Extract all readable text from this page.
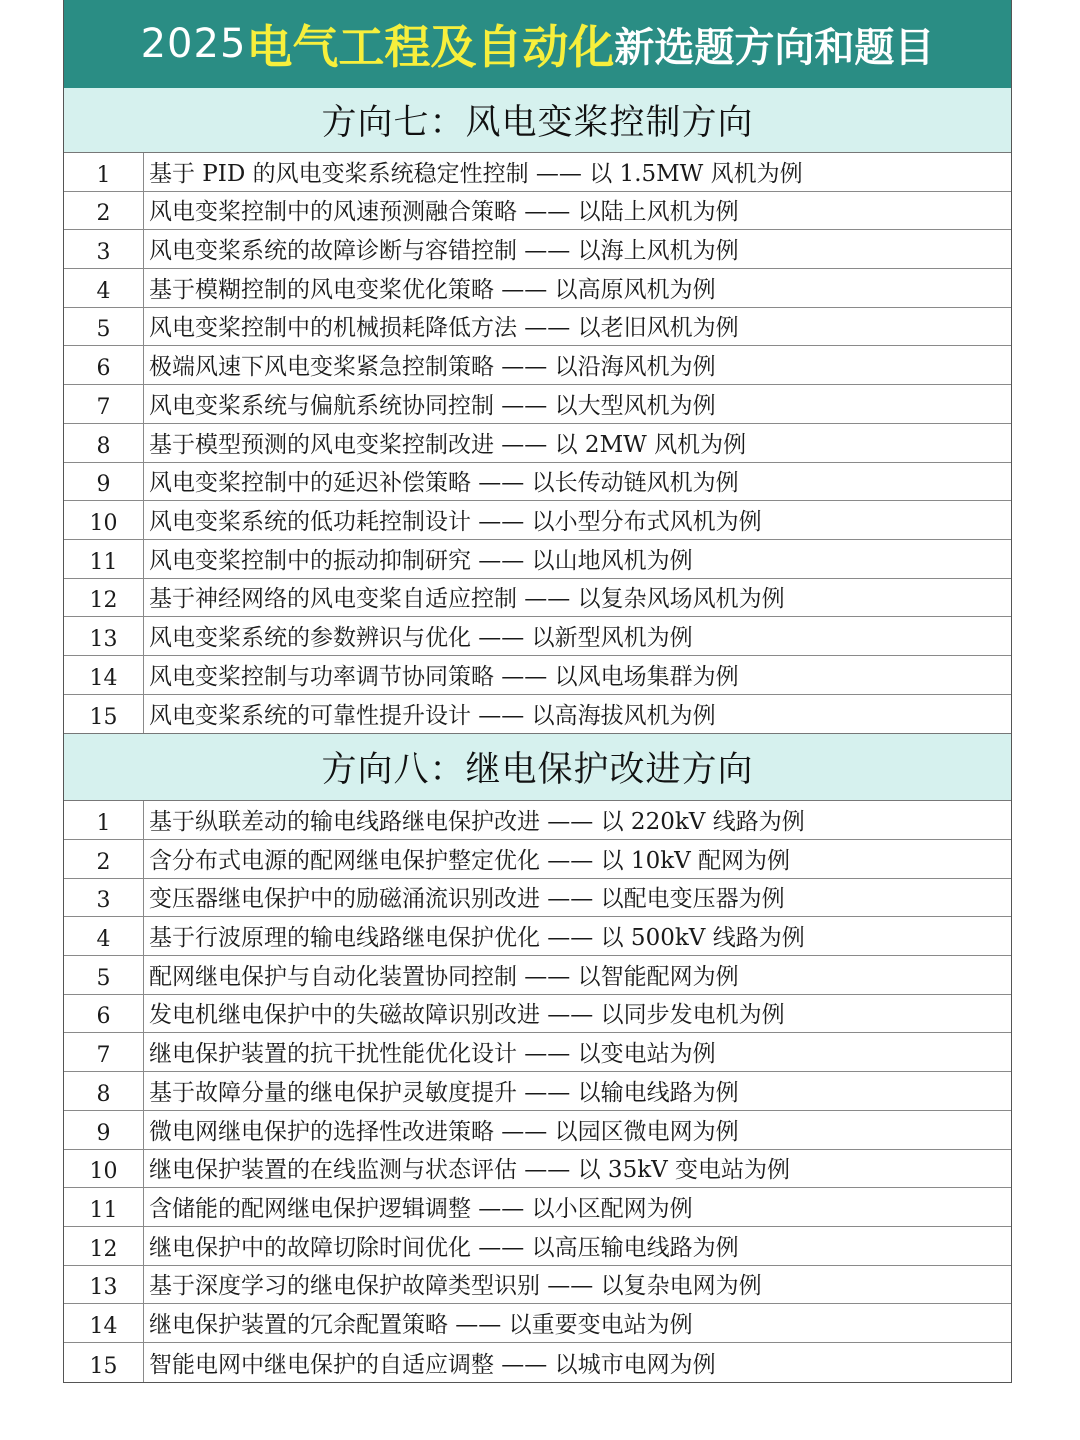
2025 电气工程及自动化 新选题方向和题目
方向七：风电变桨控制方向
1	基于 PID 的风电变桨系统稳定性控制 —— 以 1.5MW 风机为例
2	风电变桨控制中的风速预测融合策略 —— 以陆上风机为例
3	风电变桨系统的故障诊断与容错控制 —— 以海上风机为例
4	基于模糊控制的风电变桨优化策略 —— 以高原风机为例
5	风电变桨控制中的机械损耗降低方法 —— 以老旧风机为例
6	极端风速下风电变桨紧急控制策略 —— 以沿海风机为例
7	风电变桨系统与偏航系统协同控制 —— 以大型风机为例
8	基于模型预测的风电变桨控制改进 —— 以 2MW 风机为例
9	风电变桨控制中的延迟补偿策略 —— 以长传动链风机为例
10	风电变桨系统的低功耗控制设计 —— 以小型分布式风机为例
11	风电变桨控制中的振动抑制研究 —— 以山地风机为例
12	基于神经网络的风电变桨自适应控制 —— 以复杂风场风机为例
13	风电变桨系统的参数辨识与优化 —— 以新型风机为例
14	风电变桨控制与功率调节协同策略 —— 以风电场集群为例
15	风电变桨系统的可靠性提升设计 —— 以高海拔风机为例
方向八：继电保护改进方向
1	基于纵联差动的输电线路继电保护改进 —— 以 220kV 线路为例
2	含分布式电源的配网继电保护整定优化 —— 以 10kV 配网为例
3	变压器继电保护中的励磁涌流识别改进 —— 以配电变压器为例
4	基于行波原理的输电线路继电保护优化 —— 以 500kV 线路为例
5	配网继电保护与自动化装置协同控制 —— 以智能配网为例
6	发电机继电保护中的失磁故障识别改进 —— 以同步发电机为例
7	继电保护装置的抗干扰性能优化设计 —— 以变电站为例
8	基于故障分量的继电保护灵敏度提升 —— 以输电线路为例
9	微电网继电保护的选择性改进策略 —— 以园区微电网为例
10	继电保护装置的在线监测与状态评估 —— 以 35kV 变电站为例
11	含储能的配网继电保护逻辑调整 —— 以小区配网为例
12	继电保护中的故障切除时间优化 —— 以高压输电线路为例
13	基于深度学习的继电保护故障类型识别 —— 以复杂电网为例
14	继电保护装置的冗余配置策略 —— 以重要变电站为例
15	智能电网中继电保护的自适应调整 —— 以城市电网为例
